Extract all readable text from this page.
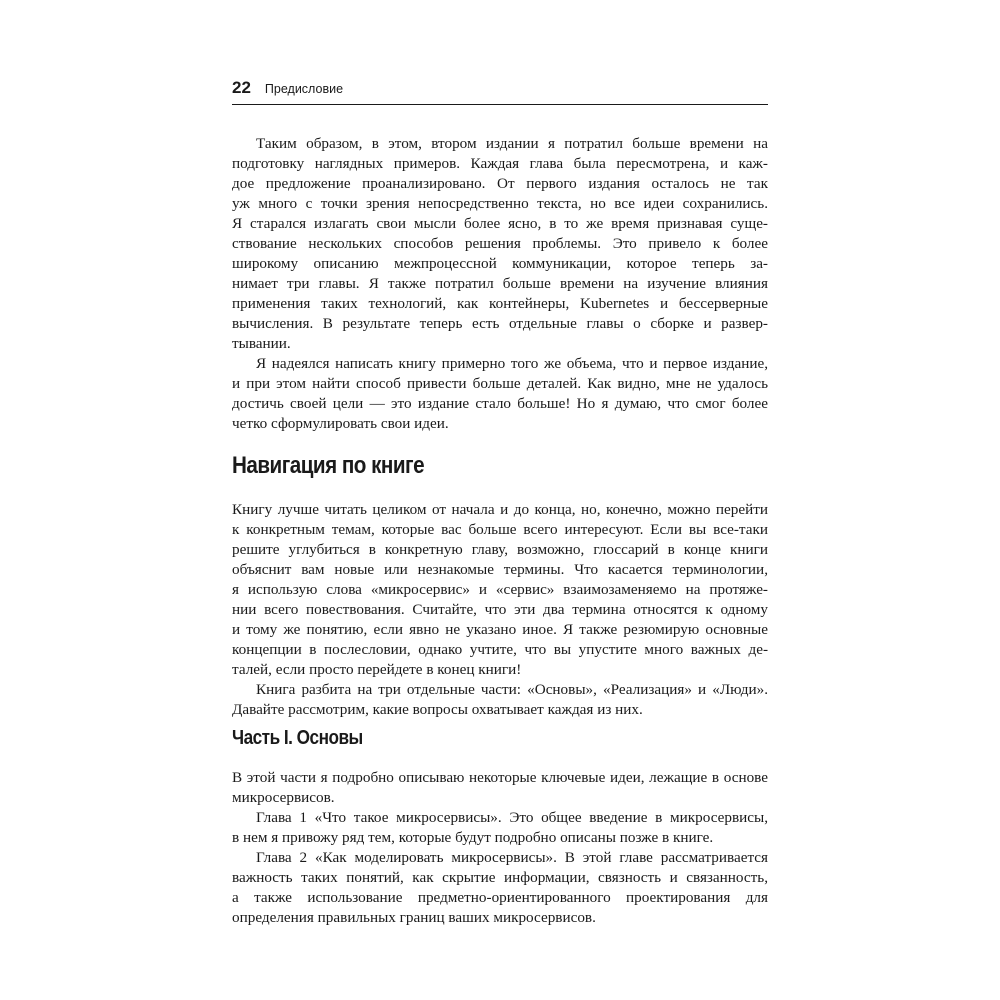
22 Предисловие
Таким образом, в этом, втором издании я потратил больше времени на
подготовку наглядных примеров. Каждая глава была пересмотрена, и каж-
дое предложение проанализировано. От первого издания осталось не так
уж много с точки зрения непосредственно текста, но все идеи сохранились.
Я старался излагать свои мысли более ясно, в то же время признавая суще-
ствование нескольких способов решения проблемы. Это привело к более
широкому описанию межпроцессной коммуникации, которое теперь за-
нимает три главы. Я также потратил больше времени на изучение влияния
применения таких технологий, как контейнеры, Kubernetes и бессерверные
вычисления. В результате теперь есть отдельные главы о сборке и развер-
тывании.
Я надеялся написать книгу примерно того же объема, что и первое издание,
и при этом найти способ привести больше деталей. Как видно, мне не удалось
достичь своей цели — это издание стало больше! Но я думаю, что смог более
четко сформулировать свои идеи.
Навигация по книге
Книгу лучше читать целиком от начала и до конца, но, конечно, можно перейти
к конкретным темам, которые вас больше всего интересуют. Если вы все-таки
решите углубиться в конкретную главу, возможно, глоссарий в конце книги
объяснит вам новые или незнакомые термины. Что касается терминологии,
я использую слова «микросервис» и «сервис» взаимозаменяемо на протяже-
нии всего повествования. Считайте, что эти два термина относятся к одному
и тому же понятию, если явно не указано иное. Я также резюмирую основные
концепции в послесловии, однако учтите, что вы упустите много важных де-
талей, если просто перейдете в конец книги!
Книга разбита на три отдельные части: «Основы», «Реализация» и «Люди».
Давайте рассмотрим, какие вопросы охватывает каждая из них.
Часть I. Основы
В этой части я подробно описываю некоторые ключевые идеи, лежащие в основе
микросервисов.
Глава 1 «Что такое микросервисы». Это общее введение в микросервисы,
в нем я привожу ряд тем, которые будут подробно описаны позже в книге.
Глава 2 «Как моделировать микросервисы». В этой главе рассматривается
важность таких понятий, как скрытие информации, связность и связанность,
а также использование предметно-ориентированного проектирования для
определения правильных границ ваших микросервисов.
